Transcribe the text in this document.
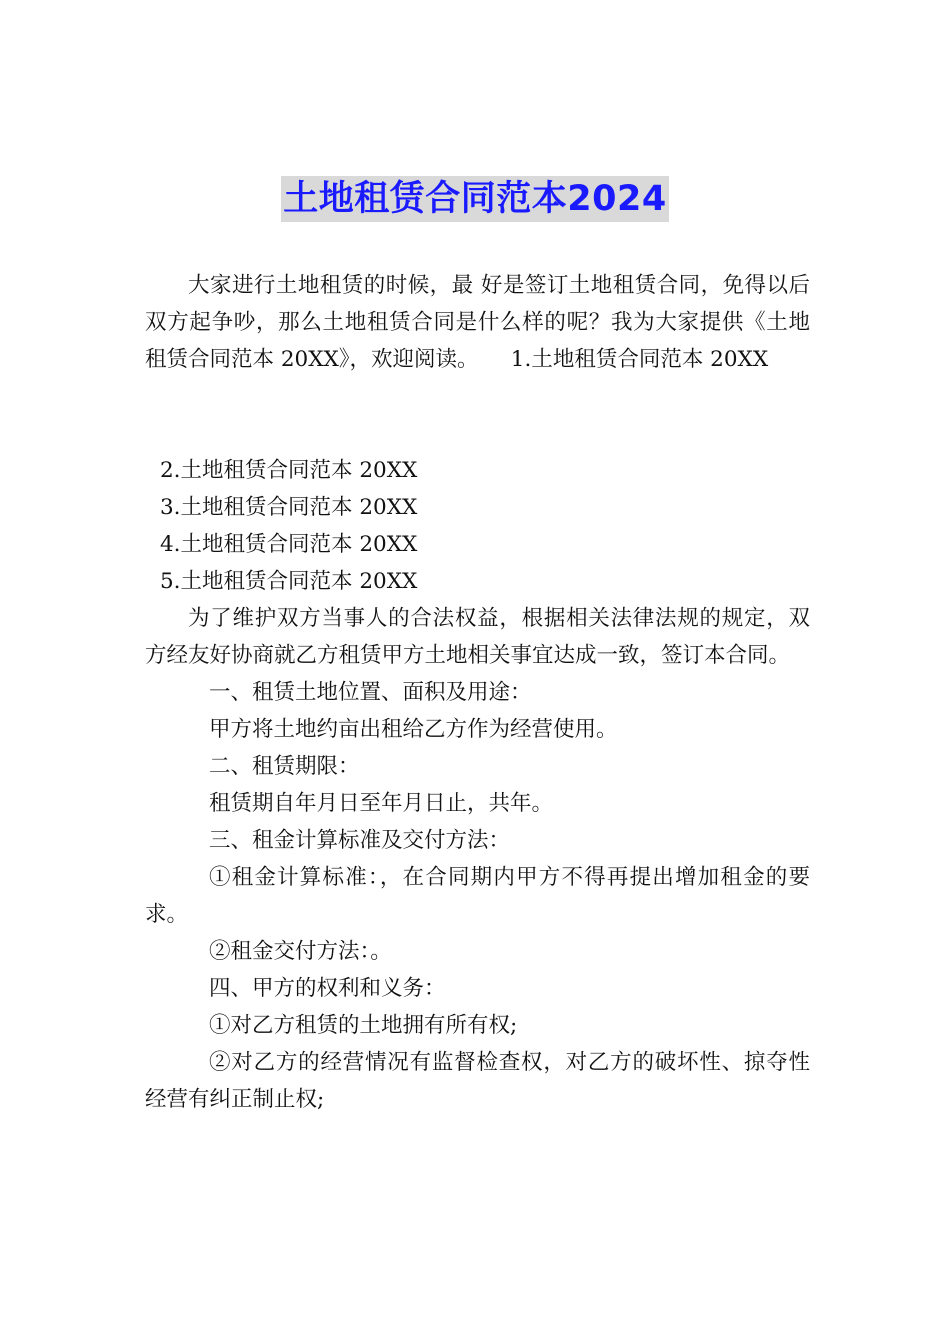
土地租赁合同范本2024

大家进行土地租赁的时候，最 好是签订土地租赁合同，免得以后双方起争吵，那么土地租赁合同是什么样的呢？我为大家提供《土地租赁合同范本 20XX》，欢迎阅读。　　1.土地租赁合同范本 20XX

2.土地租赁合同范本 20XX

3.土地租赁合同范本 20XX

4.土地租赁合同范本 20XX

5.土地租赁合同范本 20XX

为了维护双方当事人的合法权益，根据相关法律法规的规定，双方经友好协商就乙方租赁甲方土地相关事宜达成一致，签订本合同。

一、租赁土地位置、面积及用途：

甲方将土地约亩出租给乙方作为经营使用。

二、租赁期限：

租赁期自年月日至年月日止，共年。

三、租金计算标准及交付方法：

①租金计算标准：，在合同期内甲方不得再提出增加租金的要求。

②租金交付方法：。

四、甲方的权利和义务：

①对乙方租赁的土地拥有所有权;

②对乙方的经营情况有监督检查权，对乙方的破坏性、掠夺性经营有纠正制止权;
